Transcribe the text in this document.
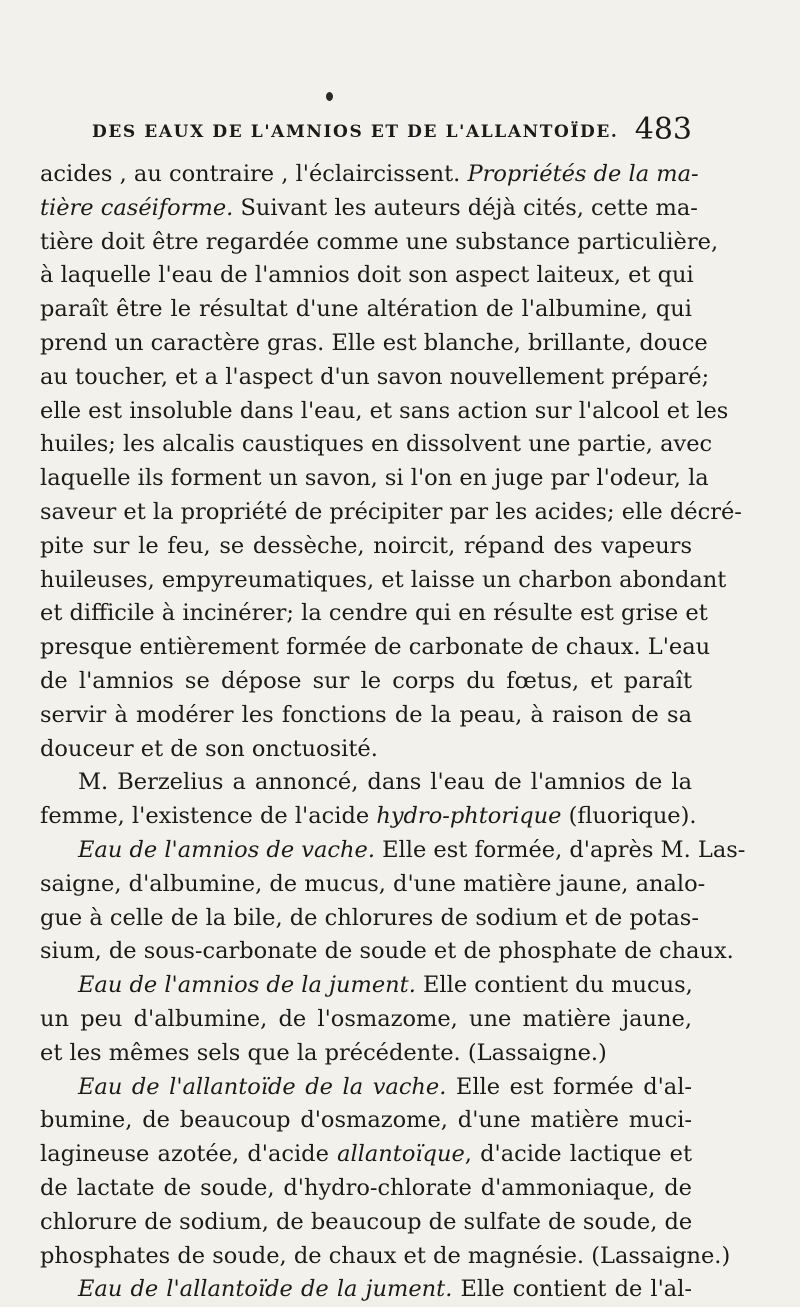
DES EAUX DE L'AMNIOS ET DE L'ALLANTOÏDE. 483
acides , au contraire , l'éclaircissent. Propriétés de la ma-
tière caséiforme. Suivant les auteurs déjà cités, cette ma-
tière doit être regardée comme une substance particulière,
à laquelle l'eau de l'amnios doit son aspect laiteux, et qui
paraît être le résultat d'une altération de l'albumine, qui
prend un caractère gras. Elle est blanche, brillante, douce
au toucher, et a l'aspect d'un savon nouvellement préparé;
elle est insoluble dans l'eau, et sans action sur l'alcool et les
huiles; les alcalis caustiques en dissolvent une partie, avec
laquelle ils forment un savon, si l'on en juge par l'odeur, la
saveur et la propriété de précipiter par les acides; elle décré-
pite sur le feu, se dessèche, noircit, répand des vapeurs
huileuses, empyreumatiques, et laisse un charbon abondant
et difficile à incinérer; la cendre qui en résulte est grise et
presque entièrement formée de carbonate de chaux. L'eau
de l'amnios se dépose sur le corps du fœtus, et paraît
servir à modérer les fonctions de la peau, à raison de sa
douceur et de son onctuosité.
M. Berzelius a annoncé, dans l'eau de l'amnios de la
femme, l'existence de l'acide hydro-phtorique (fluorique).
Eau de l'amnios de vache. Elle est formée, d'après M. Las-
saigne, d'albumine, de mucus, d'une matière jaune, analo-
gue à celle de la bile, de chlorures de sodium et de potas-
sium, de sous-carbonate de soude et de phosphate de chaux.
Eau de l'amnios de la jument. Elle contient du mucus,
un peu d'albumine, de l'osmazome, une matière jaune,
et les mêmes sels que la précédente. (Lassaigne.)
Eau de l'allantoïde de la vache. Elle est formée d'al-
bumine, de beaucoup d'osmazome, d'une matière muci-
lagineuse azotée, d'acide allantoïque, d'acide lactique et
de lactate de soude, d'hydro-chlorate d'ammoniaque, de
chlorure de sodium, de beaucoup de sulfate de soude, de
phosphates de soude, de chaux et de magnésie. (Lassaigne.)
Eau de l'allantoïde de la jument. Elle contient de l'al-
